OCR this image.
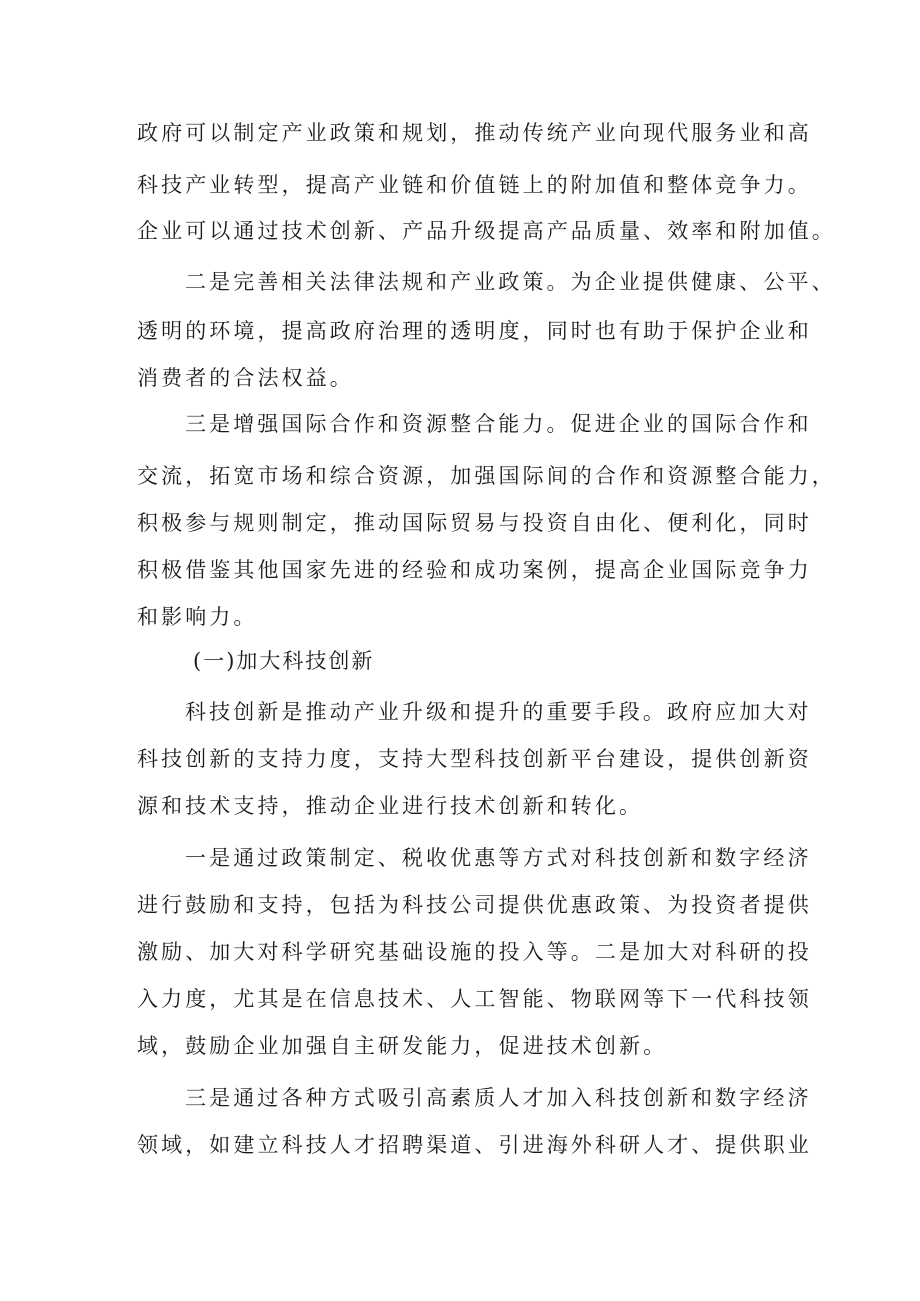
政府可以制定产业政策和规划，推动传统产业向现代服务业和高

科技产业转型，提高产业链和价值链上的附加值和整体竞争力。

企业可以通过技术创新、产品升级提高产品质量、效率和附加值。

二是完善相关法律法规和产业政策。为企业提供健康、公平、

透明的环境，提高政府治理的透明度，同时也有助于保护企业和

消费者的合法权益。

三是增强国际合作和资源整合能力。促进企业的国际合作和

交流，拓宽市场和综合资源，加强国际间的合作和资源整合能力，

积极参与规则制定，推动国际贸易与投资自由化、便利化，同时

积极借鉴其他国家先进的经验和成功案例，提高企业国际竞争力

和影响力。

(一)加大科技创新

科技创新是推动产业升级和提升的重要手段。政府应加大对

科技创新的支持力度，支持大型科技创新平台建设，提供创新资

源和技术支持，推动企业进行技术创新和转化。

一是通过政策制定、税收优惠等方式对科技创新和数字经济

进行鼓励和支持，包括为科技公司提供优惠政策、为投资者提供

激励、加大对科学研究基础设施的投入等。二是加大对科研的投

入力度，尤其是在信息技术、人工智能、物联网等下一代科技领

域，鼓励企业加强自主研发能力，促进技术创新。

三是通过各种方式吸引高素质人才加入科技创新和数字经济

领域，如建立科技人才招聘渠道、引进海外科研人才、提供职业
